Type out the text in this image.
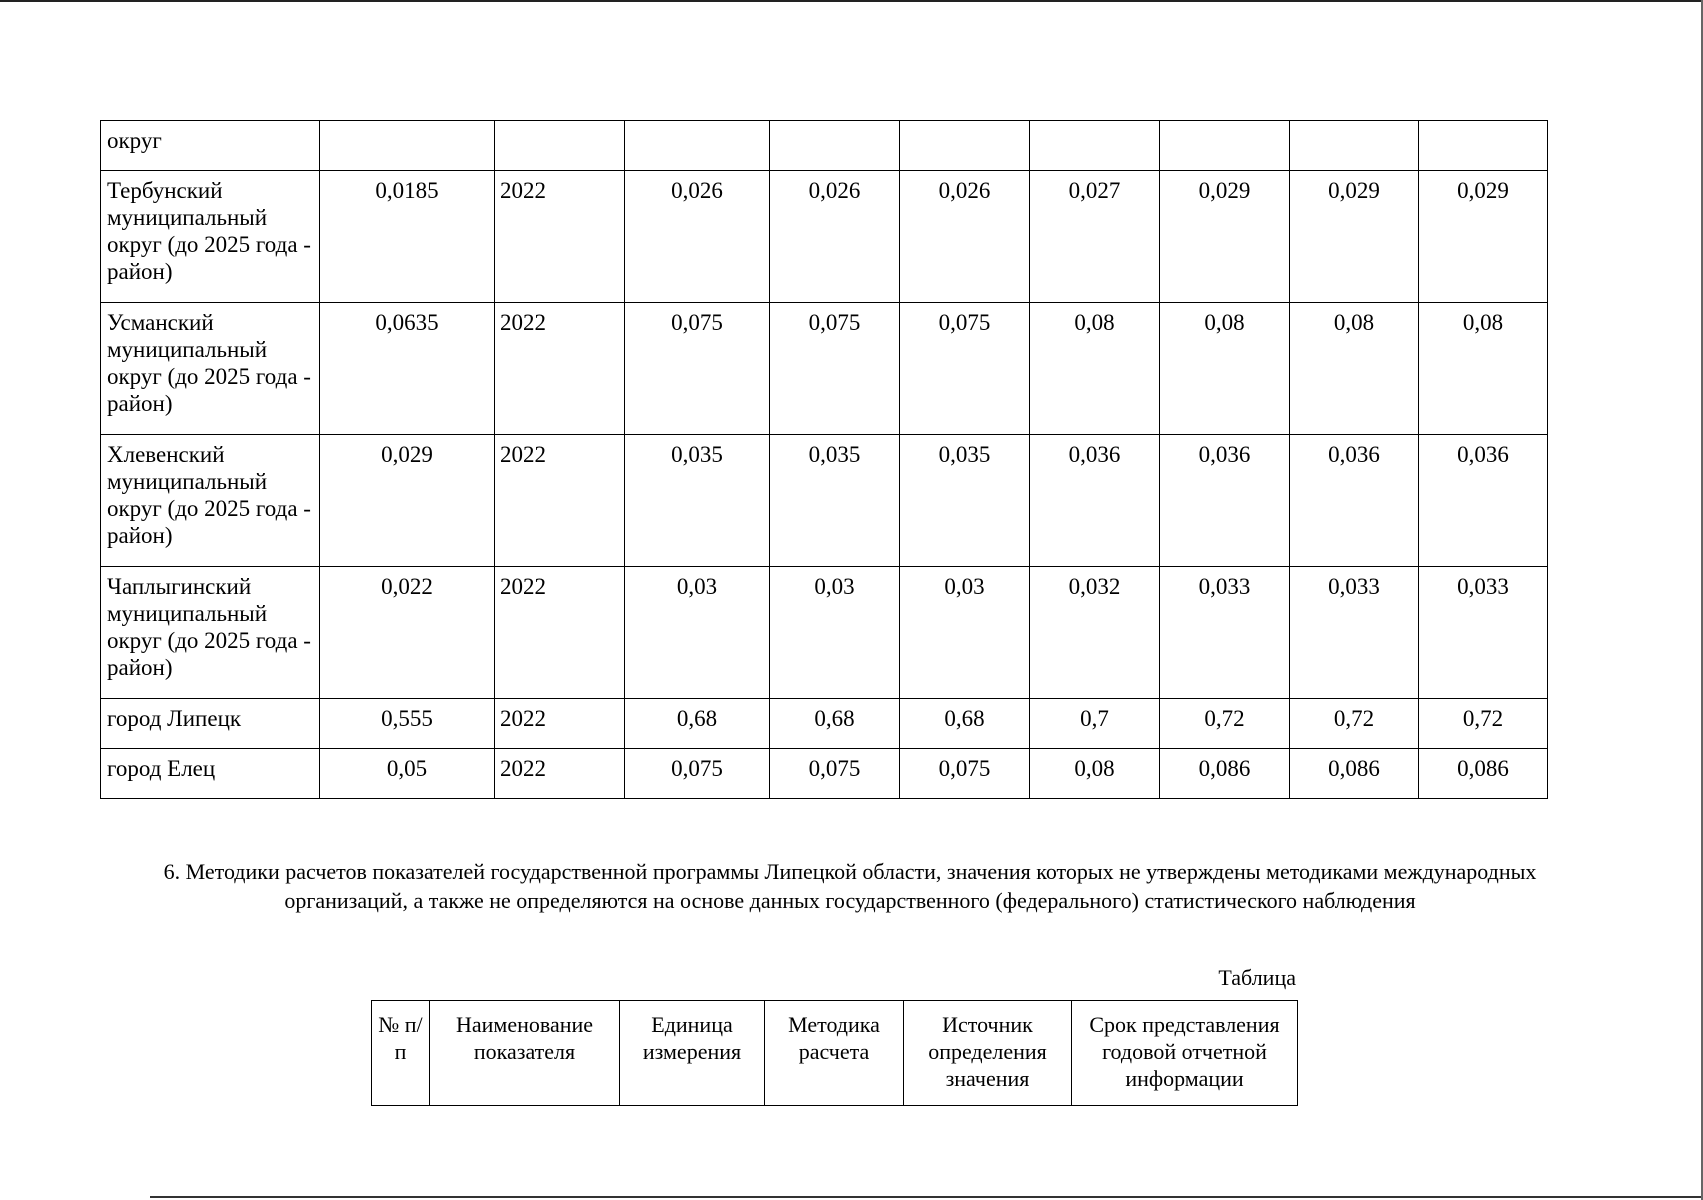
округ									
Тербунский муниципальный округ (до 2025 года - район)	0,0185	2022	0,026	0,026	0,026	0,027	0,029	0,029	0,029
Усманский муниципальный округ (до 2025 года - район)	0,0635	2022	0,075	0,075	0,075	0,08	0,08	0,08	0,08
Хлевенский муниципальный округ (до 2025 года - район)	0,029	2022	0,035	0,035	0,035	0,036	0,036	0,036	0,036
Чаплыгинский муниципальный округ (до 2025 года - район)	0,022	2022	0,03	0,03	0,03	0,032	0,033	0,033	0,033
город Липецк	0,555	2022	0,68	0,68	0,68	0,7	0,72	0,72	0,72
город Елец	0,05	2022	0,075	0,075	0,075	0,08	0,086	0,086	0,086
6. Методики расчетов показателей государственной программы Липецкой области, значения которых не утверждены методиками международных организаций, а также не определяются на основе данных государственного (федерального) статистического наблюдения
Таблица
№ п/п	Наименование показателя	Единица измерения	Методика расчета	Источник определения значения	Срок представления годовой отчетной информации
